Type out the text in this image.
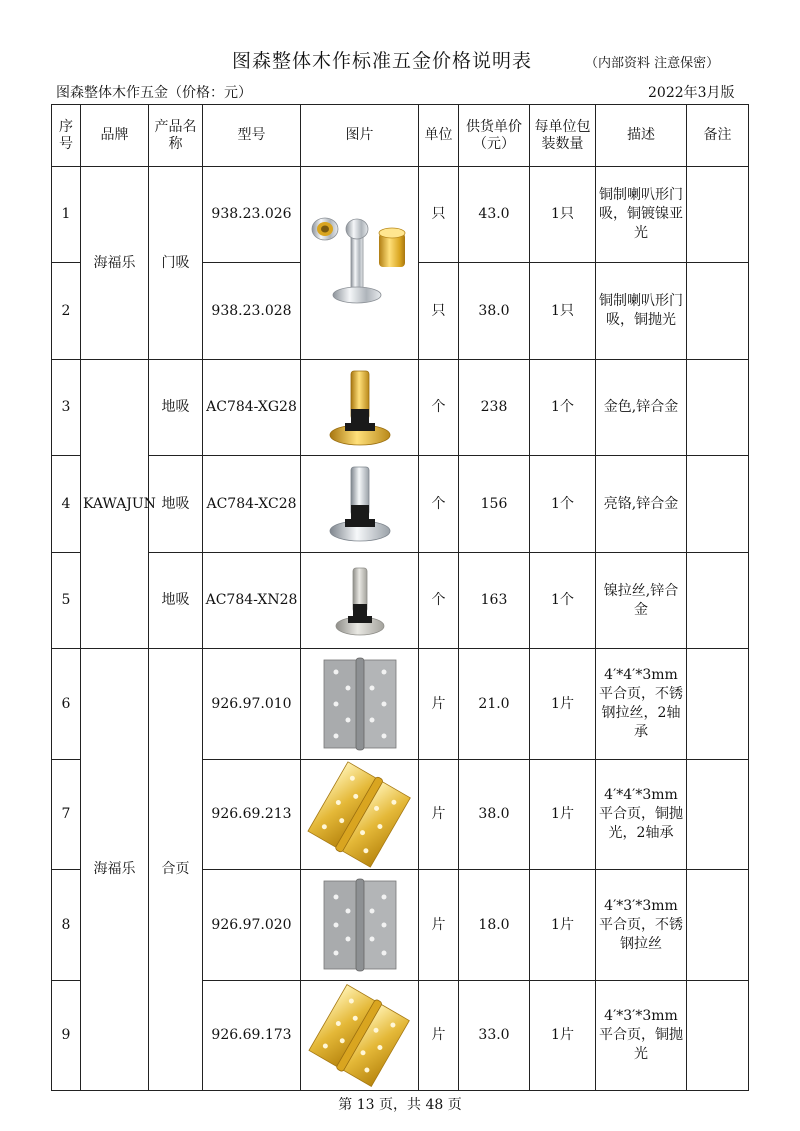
图森整体木作标准五金价格说明表	（内部资料 注意保密）
图森整体木作五金（价格：元）	2022年3月版
序号	品牌	产品名称	型号	图片	单位	供货单价（元）	每单位包装数量	描述	备注
1	海福乐	门吸	938.23.026		只	43.0	1只	铜制喇叭形门吸，铜镀镍亚光	
2			938.23.028		只	38.0	1只	铜制喇叭形门吸，铜抛光	
3	KAWAJUN	地吸	AC784-XG28		个	238	1个	金色,锌合金	
4		地吸	AC784-XC28		个	156	1个	亮铬,锌合金	
5		地吸	AC784-XN28		个	163	1个	镍拉丝,锌合金	
6	海福乐	合页	926.97.010		片	21.0	1片	4′*4′*3mm平合页，不锈钢拉丝，2轴承	
7			926.69.213		片	38.0	1片	4′*4′*3mm平合页，铜抛光，2轴承	
8			926.97.020		片	18.0	1片	4′*3′*3mm平合页，不锈钢拉丝	
9			926.69.173		片	33.0	1片	4′*3′*3mm平合页，铜抛光	
第 13 页，共 48 页
